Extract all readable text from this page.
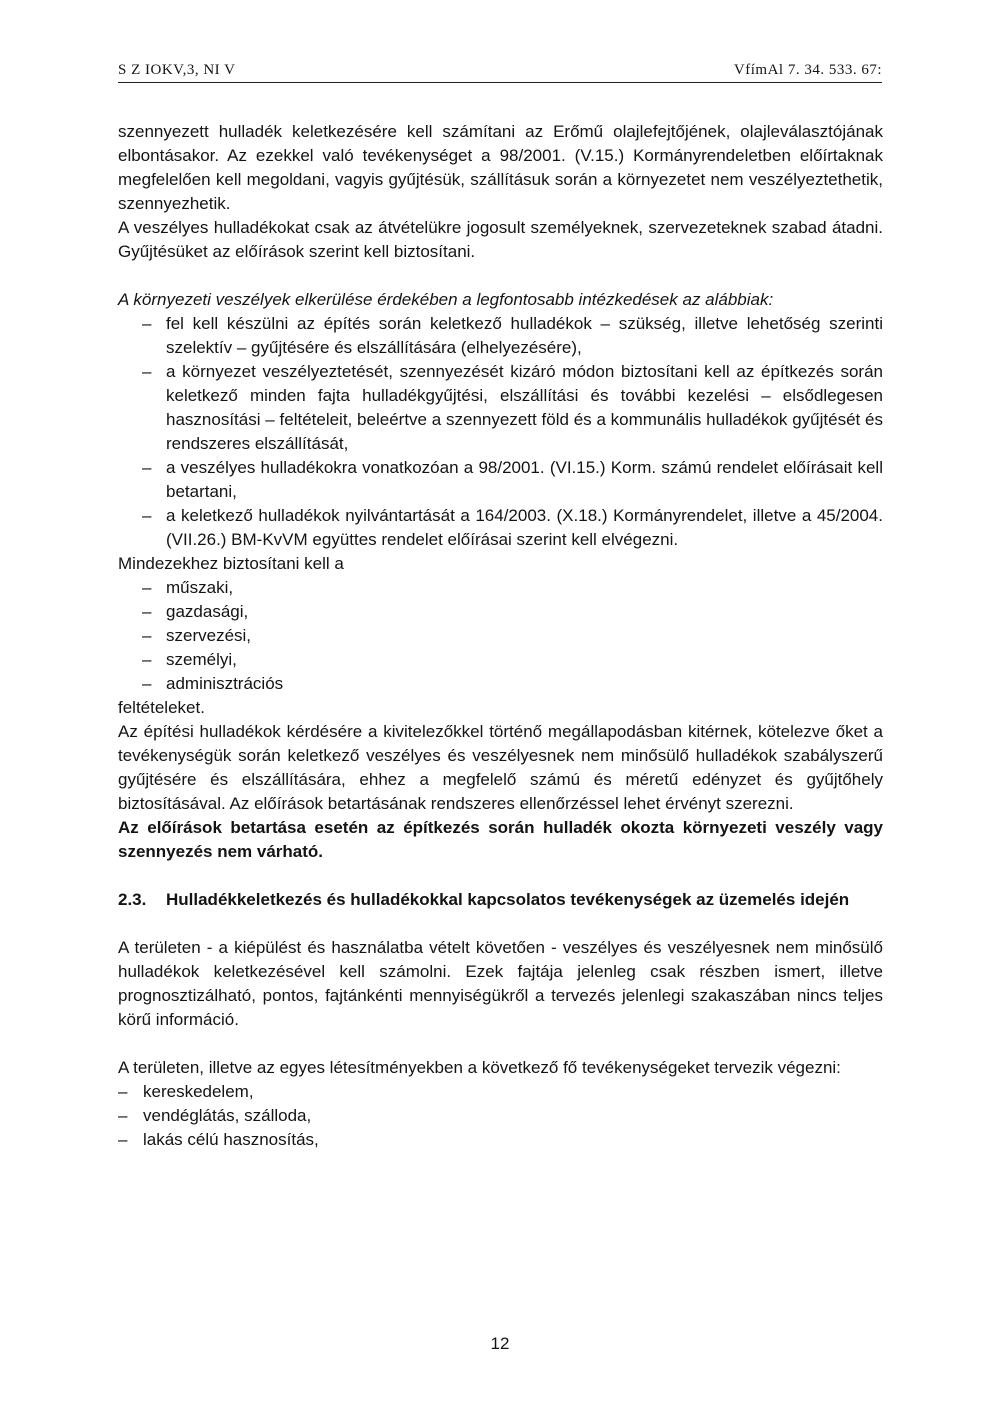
S Z IOKV,3, NI V	VfímAl 7. 34. 533. 67:

szennyezett hulladék keletkezésére kell számítani az Erőmű olajlefejtőjének, olajleválasztójának elbontásakor. Az ezekkel való tevékenységet a 98/2001. (V.15.) Kormányrendeletben előírtaknak megfelelően kell megoldani, vagyis gyűjtésük, szállításuk során a környezetet nem veszélyeztethetik, szennyezhetik.

A veszélyes hulladékokat csak az átvételükre jogosult személyeknek, szervezeteknek szabad átadni. Gyűjtésüket az előírások szerint kell biztosítani.

A környezeti veszélyek elkerülése érdekében a legfontosabb intézkedések az alábbiak:

– fel kell készülni az építés során keletkező hulladékok – szükség, illetve lehetőség szerinti szelektív – gyűjtésére és elszállítására (elhelyezésére),
– a környezet veszélyeztetését, szennyezését kizáró módon biztosítani kell az építkezés során keletkező minden fajta hulladékgyűjtési, elszállítási és további kezelési – elsődlegesen hasznosítási – feltételeit, beleértve a szennyezett föld és a kommunális hulladékok gyűjtését és rendszeres elszállítását,
– a veszélyes hulladékokra vonatkozóan a 98/2001. (VI.15.) Korm. számú rendelet előírásait kell betartani,
– a keletkező hulladékok nyilvántartását a 164/2003. (X.18.) Kormányrendelet, illetve a 45/2004. (VII.26.) BM-KvVM együttes rendelet előírásai szerint kell elvégezni.

Mindezekhez biztosítani kell a

– műszaki,
– gazdasági,
– szervezési,
– személyi,
– adminisztrációs

feltételeket.

Az építési hulladékok kérdésére a kivitelezőkkel történő megállapodásban kitérnek, kötelezve őket a tevékenységük során keletkező veszélyes és veszélyesnek nem minősülő hulladékok szabályszerű gyűjtésére és elszállítására, ehhez a megfelelő számú és méretű edényzet és gyűjtőhely biztosításával. Az előírások betartásának rendszeres ellenőrzéssel lehet érvényt szerezni.

Az előírások betartása esetén az építkezés során hulladék okozta környezeti veszély vagy szennyezés nem várható.

2.3. Hulladékkeletkezés és hulladékokkal kapcsolatos tevékenységek az üzemelés idején

A területen - a kiépülést és használatba vételt követően - veszélyes és veszélyesnek nem minősülő hulladékok keletkezésével kell számolni. Ezek fajtája jelenleg csak részben ismert, illetve prognosztizálható, pontos, fajtánkénti mennyiségükről a tervezés jelenlegi szakaszában nincs teljes körű információ.

A területen, illetve az egyes létesítményekben a következő fő tevékenységeket tervezik végezni:

– kereskedelem,
– vendéglátás, szálloda,
– lakás célú hasznosítás,
12
